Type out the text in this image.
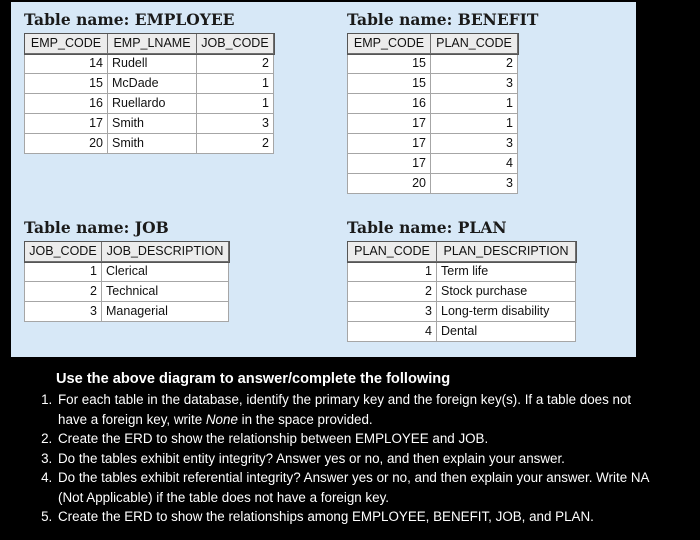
Table name: EMPLOYEE
EMP_CODE	EMP_LNAME	JOB_CODE
14	Rudell	2
15	McDade	1
16	Ruellardo	1
17	Smith	3
20	Smith	2
Table name: BENEFIT
EMP_CODE	PLAN_CODE
15	2
15	3
16	1
17	1
17	3
17	4
20	3
Table name: JOB
JOB_CODE	JOB_DESCRIPTION
1	Clerical
2	Technical
3	Managerial
Table name: PLAN
PLAN_CODE	PLAN_DESCRIPTION
1	Term life
2	Stock purchase
3	Long-term disability
4	Dental
Use the above diagram to answer/complete the following
1. For each table in the database, identify the primary key and the foreign key(s). If a table does not have a foreign key, write None in the space provided.
2. Create the ERD to show the relationship between EMPLOYEE and JOB.
3. Do the tables exhibit entity integrity? Answer yes or no, and then explain your answer.
4. Do the tables exhibit referential integrity? Answer yes or no, and then explain your answer. Write NA (Not Applicable) if the table does not have a foreign key.
5. Create the ERD to show the relationships among EMPLOYEE, BENEFIT, JOB, and PLAN.
